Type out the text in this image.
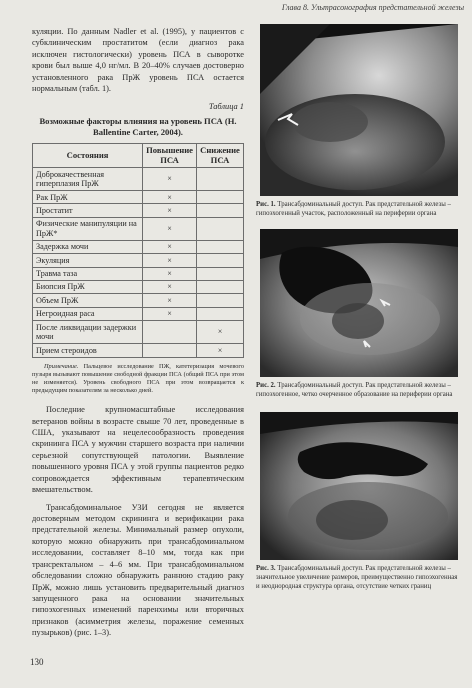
Глава 8. Ультрасонография предстательной железы

куляции. По данным Nadler et al. (1995), у пациентов с субклиническим простатитом (если диагноз рака исключен гистологически) уровень ПСА в сыворотке крови был выше 4,0 нг/мл. В 20–40% случаев достоверно установленного рака ПрЖ уровень ПСА остается нормальным (табл. 1).

Таблица 1
Возможные факторы влияния на уровень ПСА (H. Ballentine Carter, 2004).
Состояния	Повышение ПСА	Снижение ПСА
Доброкачественная гиперплазия ПрЖ	×	
Рак ПрЖ	×	
Простатит	×	
Физические манипуляции на ПрЖ*	×	
Задержка мочи	×	
Экуляция	×	
Травма таза	×	
Биопсия ПрЖ	×	
Объем ПрЖ	×	
Негроидная раса	×	
После ликвидации задержки мочи		×
Прием стероидов		×
Примечание. Пальцевое исследование ПЖ, катетеризация мочевого пузыря вызывают повышение свободной фракции ПСА (общий ПСА при этом не изменяется). Уровень свободного ПСА при этом возвращается к предыдущим показателям за несколько дней.

Последние крупномасштабные исследования ветеранов войны в возрасте свыше 70 лет, проведенные в США, указывают на нецелесообразность проведения скрининга ПСА у мужчин старшего возраста при наличии серьезной сопутствующей патологии. Выявление повышенного уровня ПСА у этой группы пациентов редко сопровождается эффективным терапевтическим вмешательством.

Трансабдоминальное УЗИ сегодня не является достоверным методом скрининга и верификации рака предстательной железы. Минимальный размер опухоли, которую можно обнаружить при трансабдоминальном исследовании, составляет 8–10 мм, тогда как при трансректальном – 4–6 мм. При трансабдоминальном обследовании сложно обнаружить раннюю стадию раку ПрЖ, можно лишь установить предварительный диагноз запущенного рака на основании значительных гипоэхогенных изменений паренхимы или вторичных признаков (асимметрия железы, поражение семенных пузырьков) (рис. 1–3).

130
Рис. 1. Трансабдоминальный доступ. Рак предстательной железы – гипоэхогенный участок, расположенный на периферии органа
Рис. 2. Трансабдоминальный доступ. Рак предстательной железы – гипоэхогенное, четко очерченное образование на периферии органа
Рис. 3. Трансабдоминальный доступ. Рак предстательной железы – значительное увеличение размеров, преимущественно гипоэхогенная и неоднородная структура органа, отсутствие четких границ
